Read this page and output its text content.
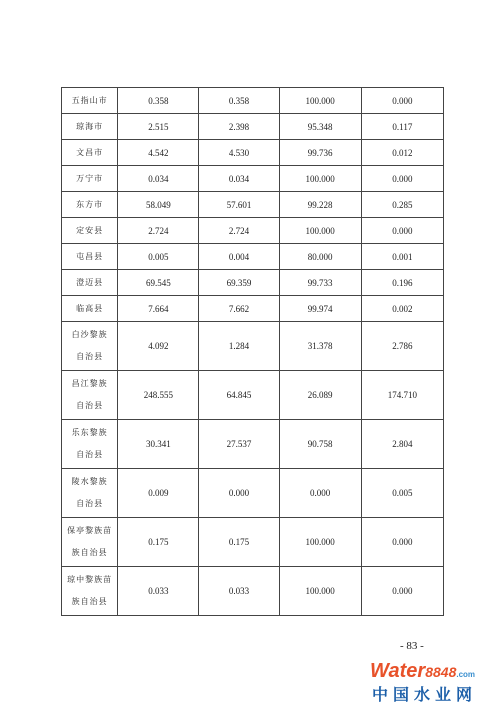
五指山市	0.358	0.358	100.000	0.000

琼海市	2.515	2.398	95.348	0.117

文昌市	4.542	4.530	99.736	0.012

万宁市	0.034	0.034	100.000	0.000

东方市	58.049	57.601	99.228	0.285

定安县	2.724	2.724	100.000	0.000

屯昌县	0.005	0.004	80.000	0.001

澄迈县	69.545	69.359	99.733	0.196

临高县	7.664	7.662	99.974	0.002

白沙黎族
自治县	4.092	1.284	31.378	2.786

昌江黎族
自治县	248.555	64.845	26.089	174.710

乐东黎族
自治县	30.341	27.537	90.758	2.804

陵水黎族
自治县	0.009	0.000	0.000	0.005

保亭黎族苗
族自治县	0.175	0.175	100.000	0.000

琼中黎族苗
族自治县	0.033	0.033	100.000	0.000
- 83 -
Water8848.com
中国水业网
